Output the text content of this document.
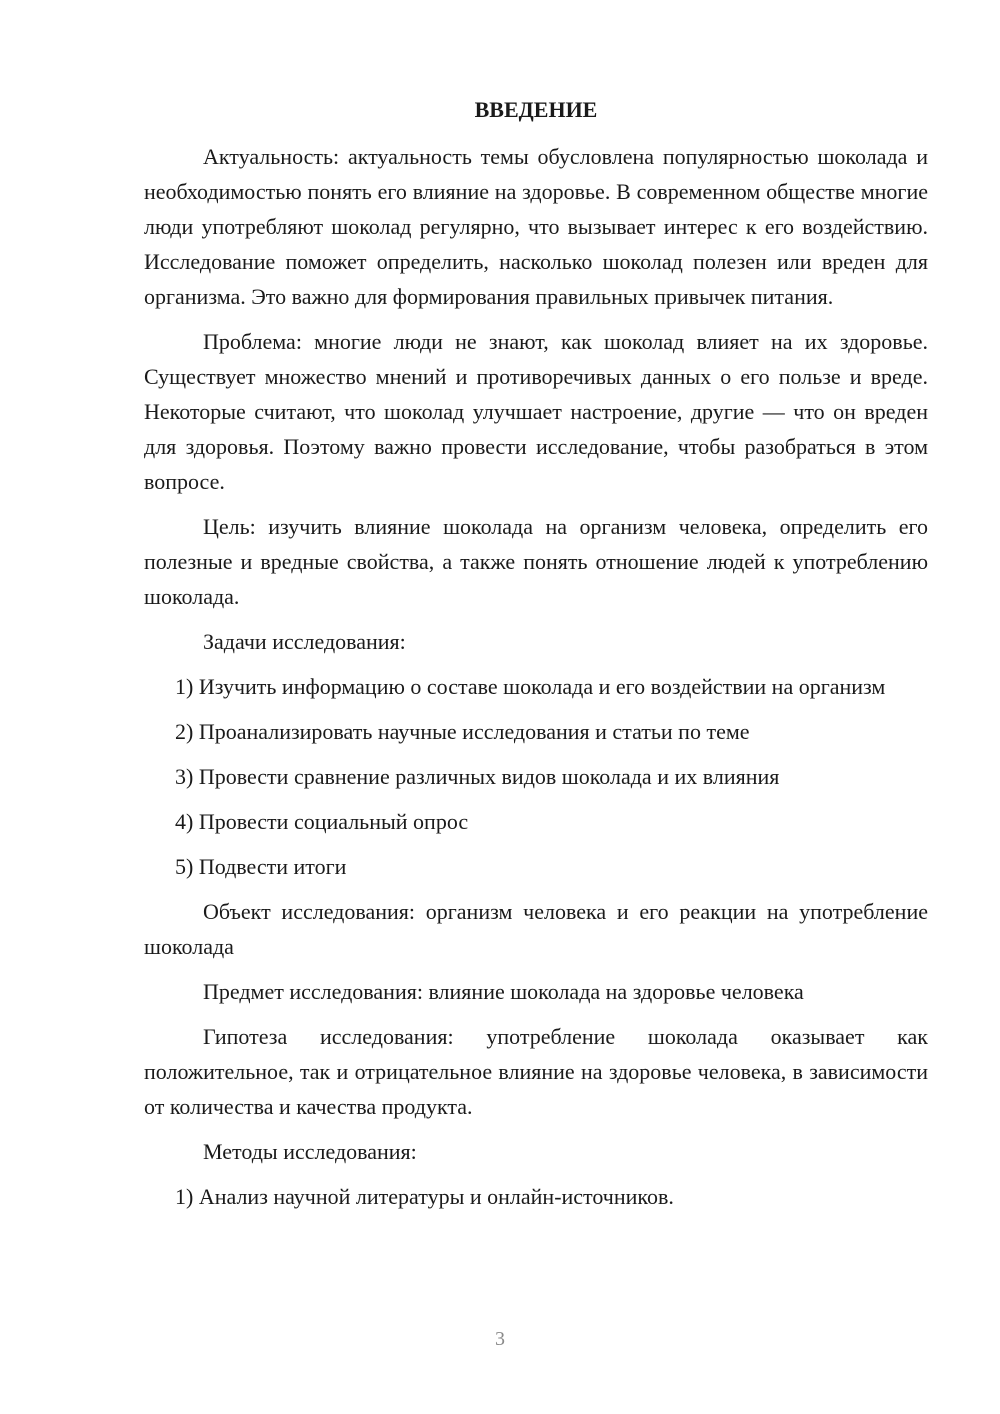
ВВЕДЕНИЕ

Актуальность: актуальность темы обусловлена популярностью шоколада и необходимостью понять его влияние на здоровье. В современном обществе многие люди употребляют шоколад регулярно, что вызывает интерес к его воздействию. Исследование поможет определить, насколько шоколад полезен или вреден для организма. Это важно для формирования правильных привычек питания.

Проблема: многие люди не знают, как шоколад влияет на их здоровье. Существует множество мнений и противоречивых данных о его пользе и вреде. Некоторые считают, что шоколад улучшает настроение, другие — что он вреден для здоровья. Поэтому важно провести исследование, чтобы разобраться в этом вопросе.

Цель: изучить влияние шоколада на организм человека, определить его полезные и вредные свойства, а также понять отношение людей к употреблению шоколада.

Задачи исследования:

1) Изучить информацию о составе шоколада и его воздействии на организм

2) Проанализировать научные исследования и статьи по теме

3) Провести сравнение различных видов шоколада и их влияния

4) Провести социальный опрос

5) Подвести итоги

Объект исследования: организм человека и его реакции на употребление шоколада

Предмет исследования: влияние шоколада на здоровье человека

Гипотеза исследования: употребление шоколада оказывает как положительное, так и отрицательное влияние на здоровье человека, в зависимости от количества и качества продукта.

Методы исследования:

1) Анализ научной литературы и онлайн-источников.

3
